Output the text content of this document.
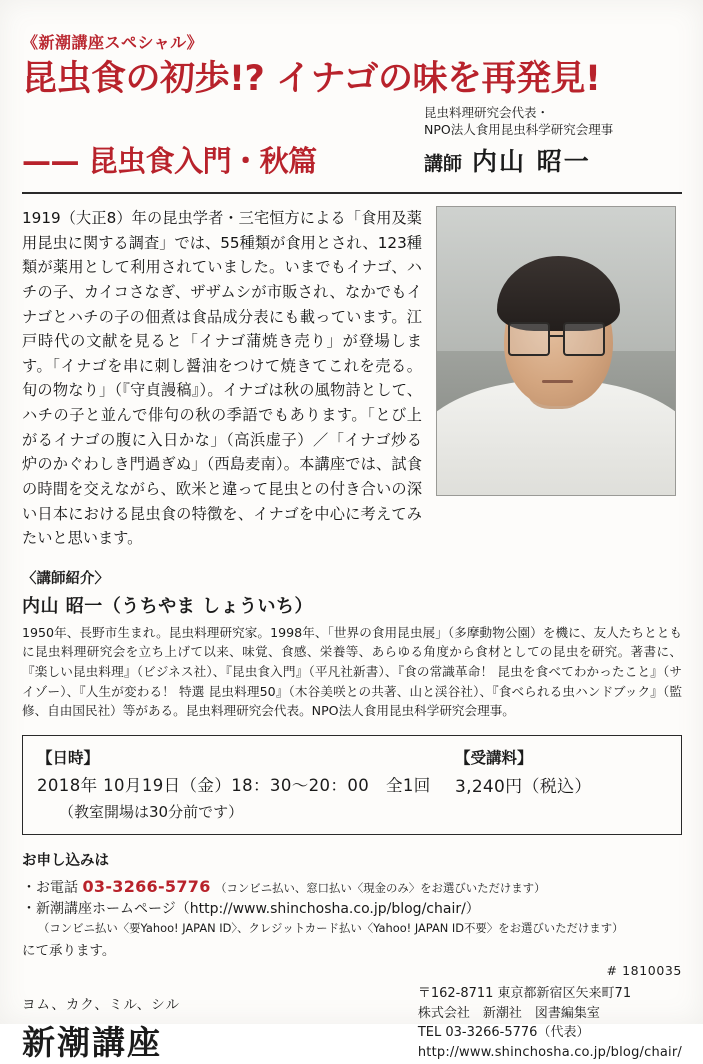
《新潮講座スペシャル》
昆虫食の初歩!? イナゴの味を再発見!
—— 昆虫食入門・秋篇
昆虫料理研究会代表・
NPO法人食用昆虫科学研究会理事
講師 内山 昭一
1919（大正8）年の昆虫学者・三宅恒方による「食用及薬用昆虫に関する調査」では、55種類が食用とされ、123種類が薬用として利用されていました。いまでもイナゴ、ハチの子、カイコさなぎ、ザザムシが市販され、なかでもイナゴとハチの子の佃煮は食品成分表にも載っています。江戸時代の文献を見ると「イナゴ蒲焼き売り」が登場します。「イナゴを串に刺し醤油をつけて焼きてこれを売る。旬の物なり」（『守貞謾稿』）。イナゴは秋の風物詩として、ハチの子と並んで俳句の秋の季語でもあります。「とび上がるイナゴの腹に入日かな」（高浜虚子）／「イナゴ炒る炉のかぐわしき門過ぎぬ」（西島麦南）。本講座では、試食の時間を交えながら、欧米と違って昆虫との付き合いの深い日本における昆虫食の特徴を、イナゴを中心に考えてみたいと思います。
〈講師紹介〉
内山 昭一（うちやま しょういち）
1950年、長野市生まれ。昆虫料理研究家。1998年、「世界の食用昆虫展」（多摩動物公園）を機に、友人たちとともに昆虫料理研究会を立ち上げて以来、味覚、食感、栄養等、あらゆる角度から食材としての昆虫を研究。著書に、『楽しい昆虫料理』（ビジネス社）、『昆虫食入門』（平凡社新書）、『食の常識革命！ 昆虫を食べてわかったこと』（サイゾー）、『人生が変わる！ 特選 昆虫料理50』（木谷美咲との共著、山と渓谷社）、『食べられる虫ハンドブック』（監修、自由国民社）等がある。昆虫料理研究会代表。NPO法人食用昆虫科学研究会理事。
【日時】
2018年 10月19日（金）18：30〜20：00　全1回
（教室開場は30分前です）
【受講料】
3,240円（税込）
お申し込みは
・お電話 03-3266-5776 （コンビニ払い、窓口払い〈現金のみ〉をお選びいただけます）
・新潮講座ホームページ（http://www.shinchosha.co.jp/blog/chair/）
（コンビニ払い〈要Yahoo! JAPAN ID〉、クレジットカード払い〈Yahoo! JAPAN ID不要〉をお選びいただけます）
にて承ります。
# 1810035
ヨム、カク、ミル、シル
新潮講座
〒162-8711 東京都新宿区矢来町71
株式会社　新潮社　図書編集室
TEL 03-3266-5776（代表）
http://www.shinchosha.co.jp/blog/chair/
